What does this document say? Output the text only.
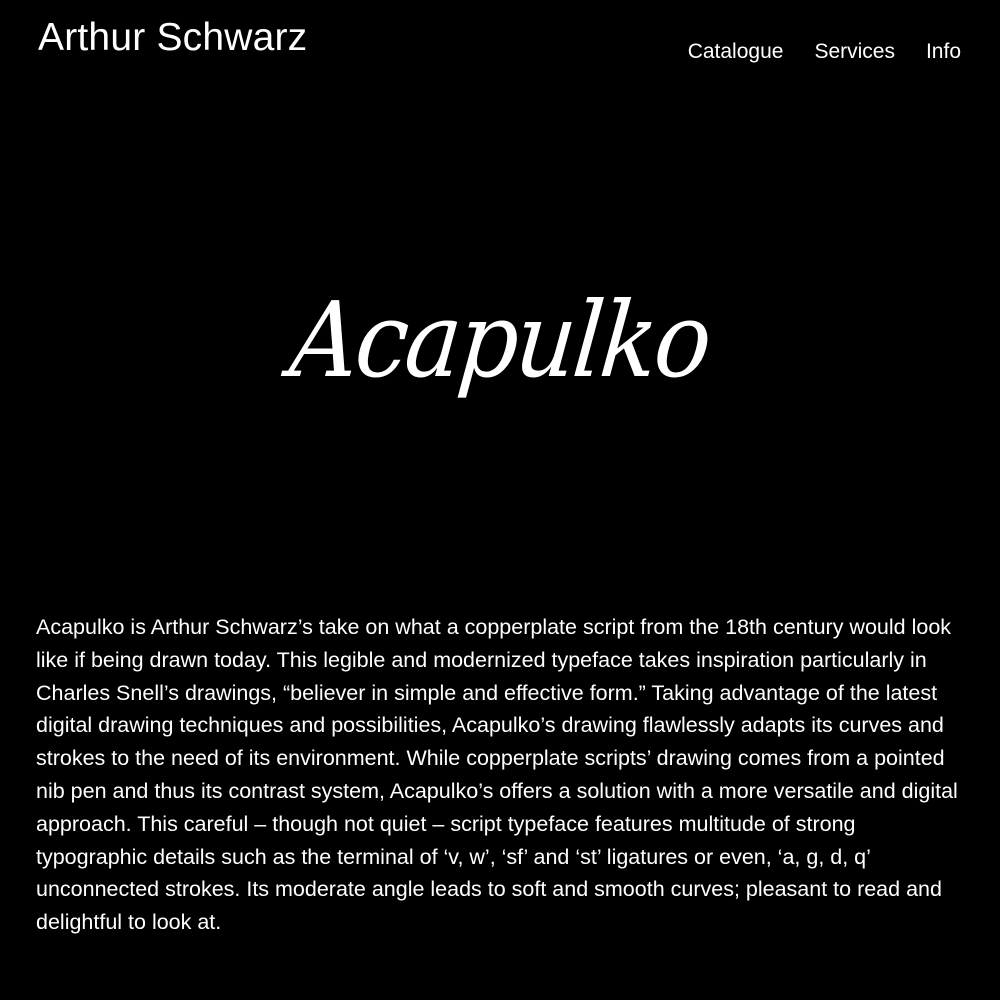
Arthur Schwarz	Catalogue Services Info
Acapulko

Acapulko is Arthur Schwarz’s take on what a copperplate script from the 18th century would look like if being drawn today. This legible and modernized typeface takes inspiration particularly in Charles Snell’s drawings, “believer in simple and effective form.” Taking advantage of the latest digital drawing techniques and possibilities, Acapulko’s drawing flawlessly adapts its curves and strokes to the need of its environment. While copperplate scripts’ drawing comes from a pointed nib pen and thus its contrast system, Acapulko’s offers a solution with a more versatile and digital approach. This careful – though not quiet – script typeface features multitude of strong typographic details such as the terminal of ‘v, w’, ‘sf’ and ‘st’ ligatures or even, ‘a, g, d, q’ unconnected strokes. Its moderate angle leads to soft and smooth curves; pleasant to read and delightful to look at.
